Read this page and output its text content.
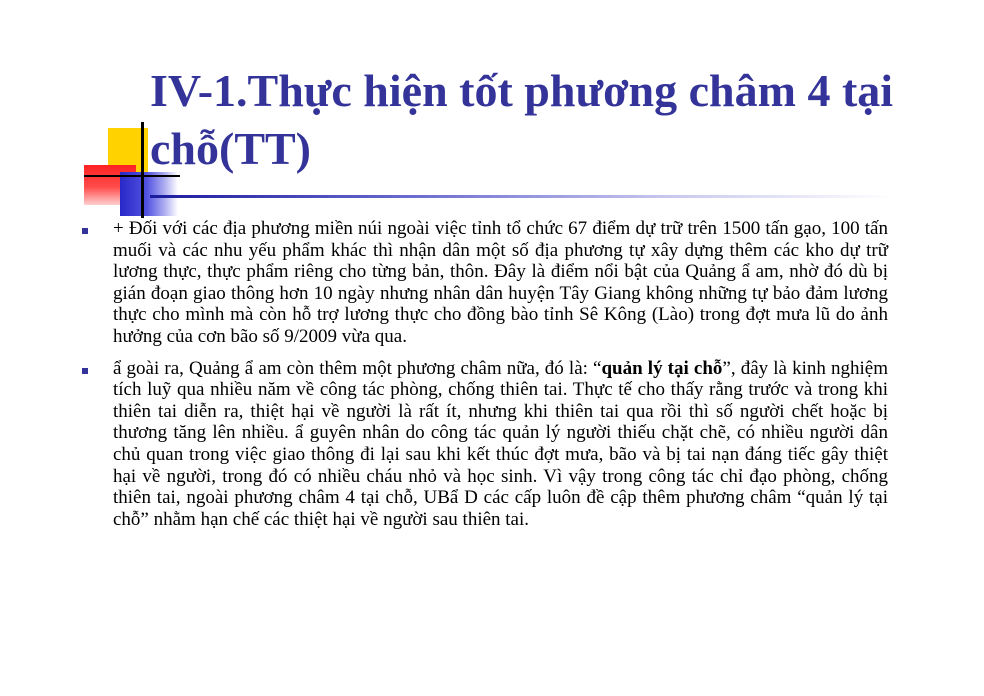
IV-1.Thực hiện tốt phương châm 4 tại chỗ(TT)
+ Đối với các địa phương miền núi ngoài việc tỉnh tổ chức 67 điểm dự trữ trên 1500 tấn gạo, 100 tấn muối và các nhu yếu phẩm khác thì nhận dân một số địa phương tự xây dựng thêm các kho dự trữ lương thực, thực phẩm riêng cho từng bản, thôn. Đây là điểm nổi bật của Quảng ẩ am, nhờ đó dù bị gián đoạn giao thông hơn 10 ngày nhưng nhân dân huyện Tây Giang không những tự bảo đảm lương thực cho mình mà còn hỗ trợ lương thực cho đồng bào tỉnh Sê Kông (Lào) trong đợt mưa lũ do ảnh hưởng của cơn bão số 9/2009 vừa qua.
ẩ goài ra, Quảng ẩ am còn thêm một phương châm nữa, đó là: “quản lý tại chỗ”, đây là kinh nghiệm tích luỹ qua nhiều năm về công tác phòng, chống thiên tai. Thực tế cho thấy rằng trước và trong khi thiên tai diễn ra, thiệt hại về người là rất ít, nhưng khi thiên tai qua rồi thì số người chết hoặc bị thương tăng lên nhiều. ẩ guyên nhân do công tác quản lý người thiếu chặt chẽ, có nhiều người dân chủ quan trong việc giao thông đi lại sau khi kết thúc đợt mưa, bão và bị tai nạn đáng tiếc gây thiệt hại về người, trong đó có nhiều cháu nhỏ và học sinh. Vì vậy trong công tác chỉ đạo phòng, chống thiên tai, ngoài phương châm 4 tại chỗ, UBẩ D các cấp luôn đề cập thêm phương châm “quản lý tại chỗ” nhằm hạn chế các thiệt hại về người sau thiên tai.
